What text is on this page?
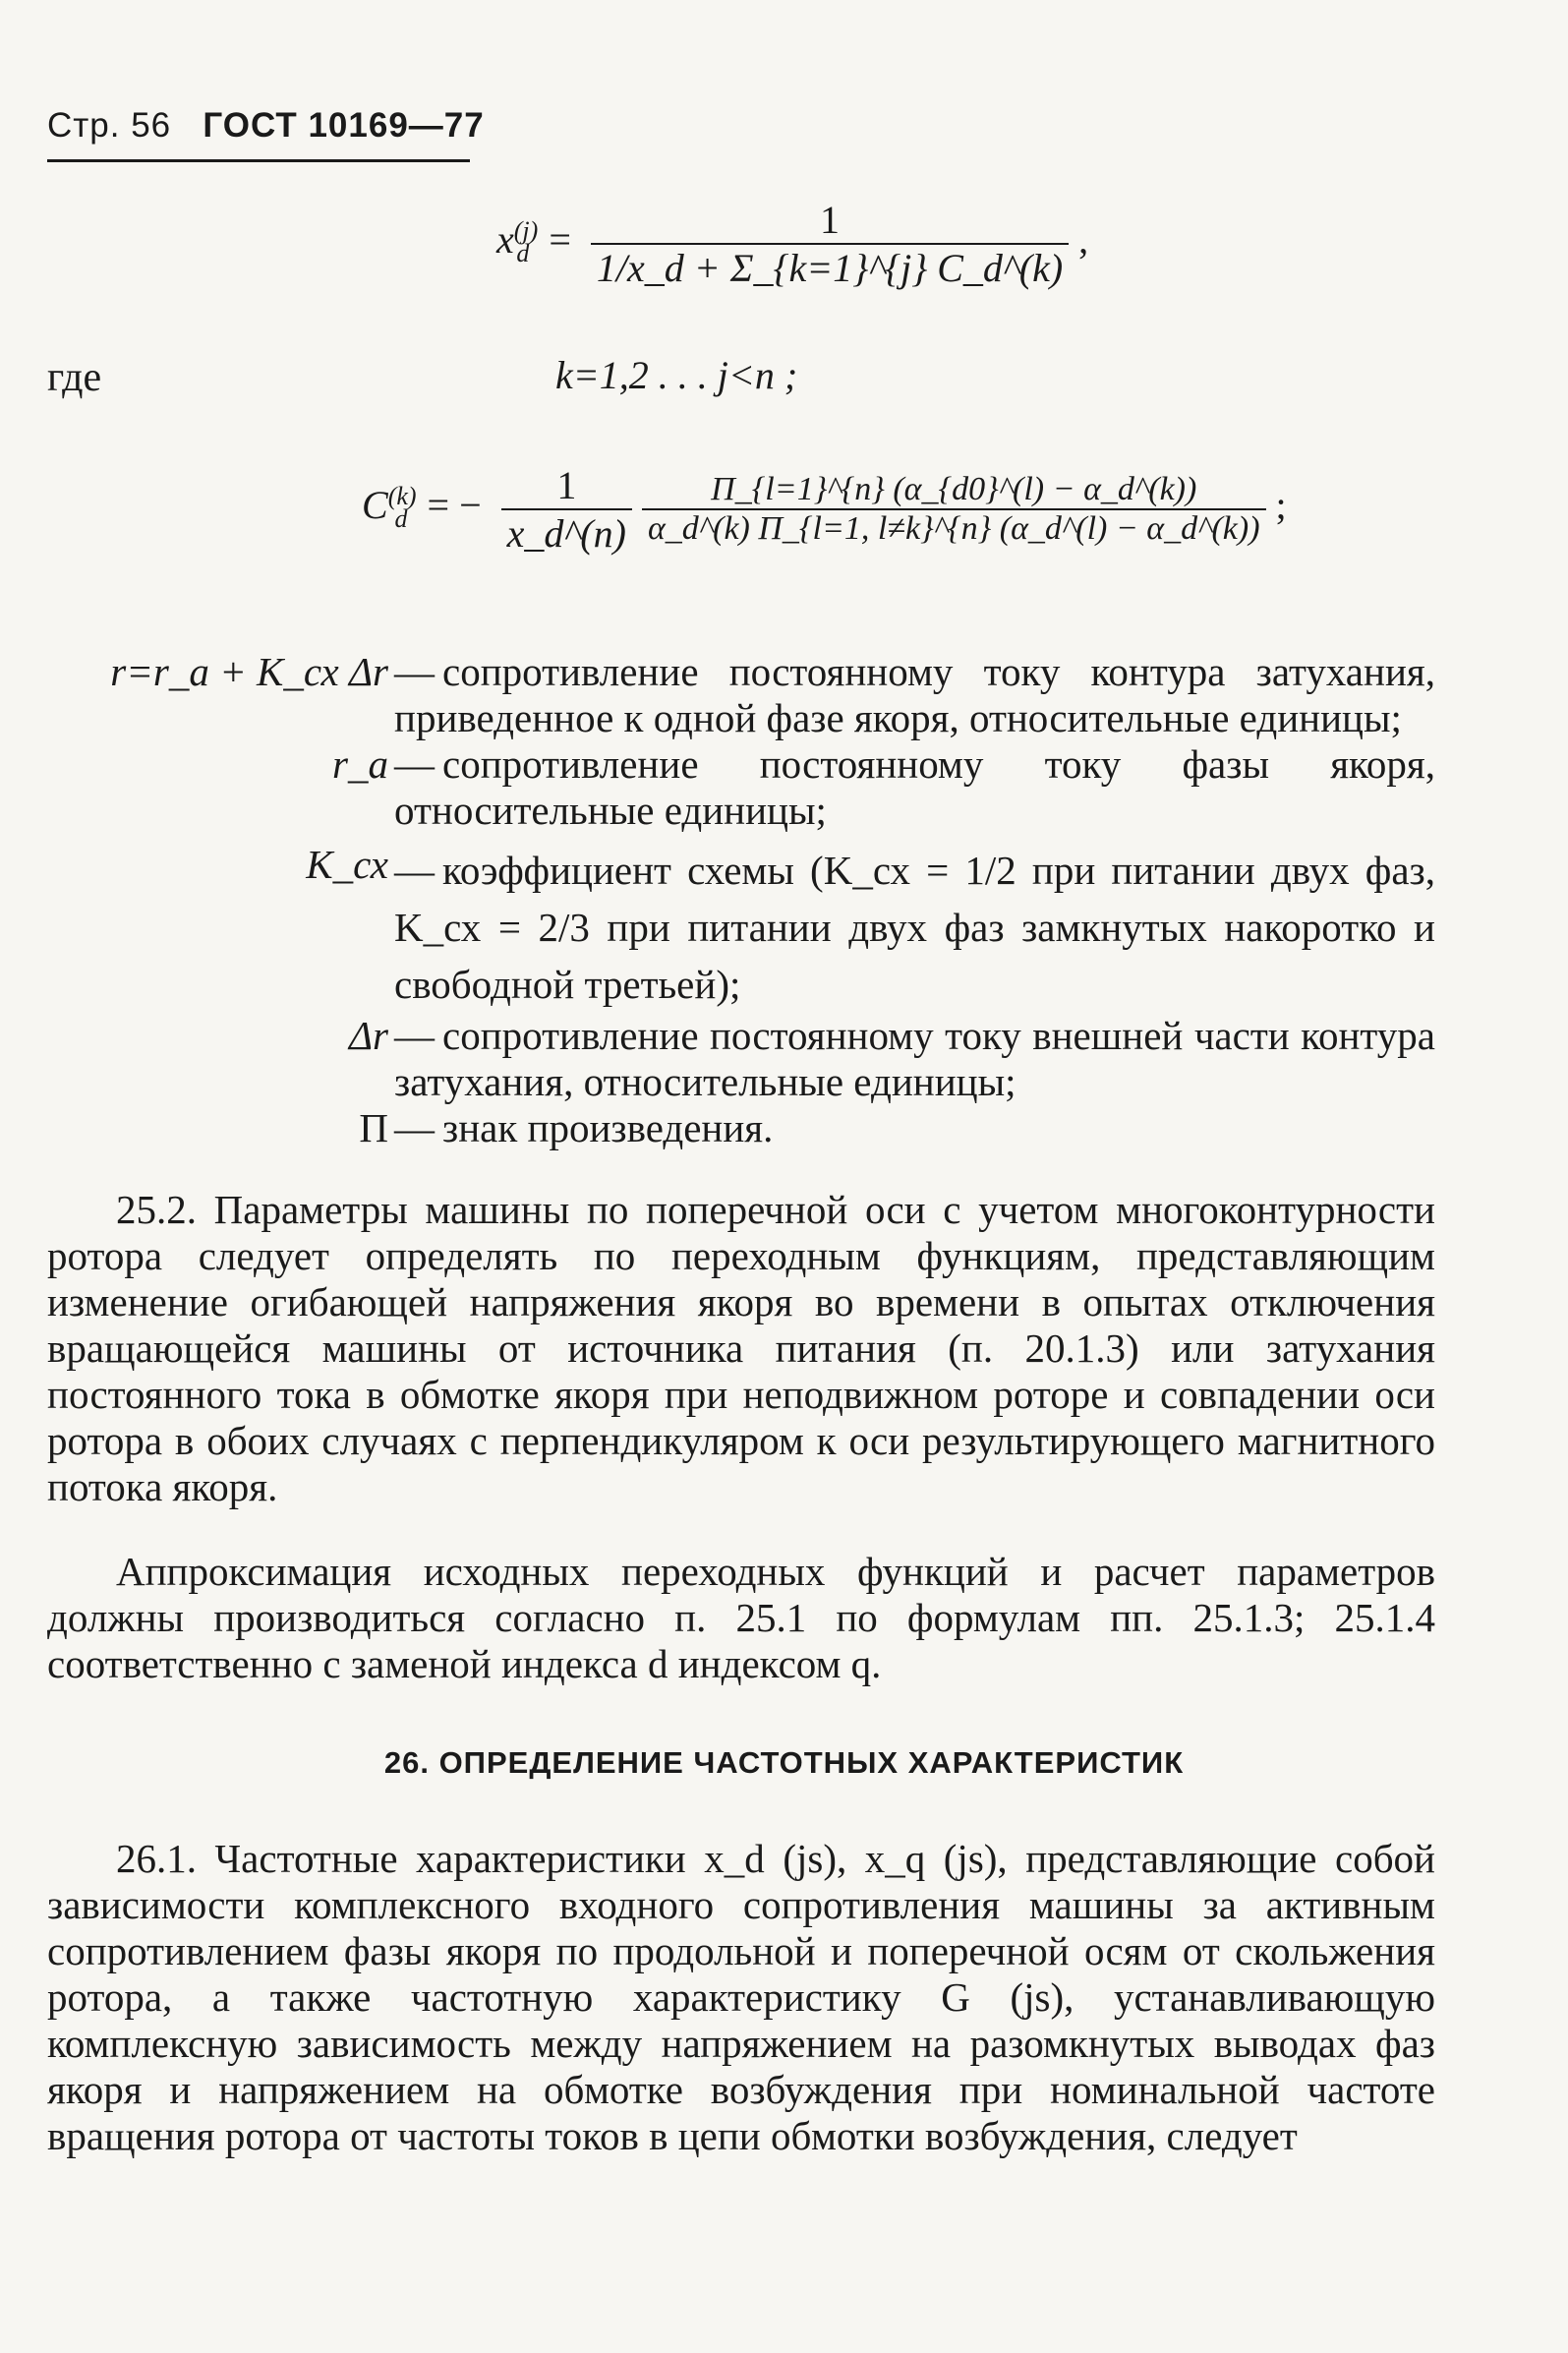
Стр. 56 ГОСТ 10169—77
$x^{(j)}_d = \frac{1}{1/x\_d + \Sigma\_\{k=1\}\^{}\{j\} C\_d\^{}(k)}$ ,
где	k=1,2 . . . j<n ;
$C^{(k)}_d$ = − $\frac{1}{x\_d\^{}(n)}$
$\frac{\Pi\_\{l=1\}\^{}\{n\} (\alpha\_\{d0\}\^{}(l) - \alpha\_d\^{}(k))}{\alpha\_d\^{}(k) \Pi\_\{l=1, l\ne k\}\^{}\{n\} (\alpha\_d\^{}(l) - \alpha\_d\^{}(k))}$ ;
r=r_a + K_сх Δr — сопротивление постоянному току контура затухания, приведенное к одной фазе якоря, относительные единицы;
r_a — сопротивление постоянному току фазы якоря, относительные единицы;
K_сх — коэффициент схемы (K_сх = 1/2 при питании двух фаз, K_сх = 2/3 при питании двух фаз замкнутых накоротко и свободной третьей);
Δr — сопротивление постоянному току внешней части контура затухания, относительные единицы;
П — знак произведения.
25.2. Параметры машины по поперечной оси с учетом многоконтурности ротора следует определять по переходным функциям, представляющим изменение огибающей напряжения якоря во времени в опытах отключения вращающейся машины от источника питания (п. 20.1.3) или затухания постоянного тока в обмотке якоря при неподвижном роторе и совпадении оси ротора в обоих случаях с перпендикуляром к оси результирующего магнитного потока якоря.
Аппроксимация исходных переходных функций и расчет параметров должны производиться согласно п. 25.1 по формулам пп. 25.1.3; 25.1.4 соответственно с заменой индекса d индексом q.
26. ОПРЕДЕЛЕНИЕ ЧАСТОТНЫХ ХАРАКТЕРИСТИК
26.1. Частотные характеристики x_d (js), x_q (js), представляющие собой зависимости комплексного входного сопротивления машины за активным сопротивлением фазы якоря по продольной и поперечной осям от скольжения ротора, а также частотную характеристику G (js), устанавливающую комплексную зависимость между напряжением на разомкнутых выводах фаз якоря и напряжением на обмотке возбуждения при номинальной частоте вращения ротора от частоты токов в цепи обмотки возбуждения, следует
